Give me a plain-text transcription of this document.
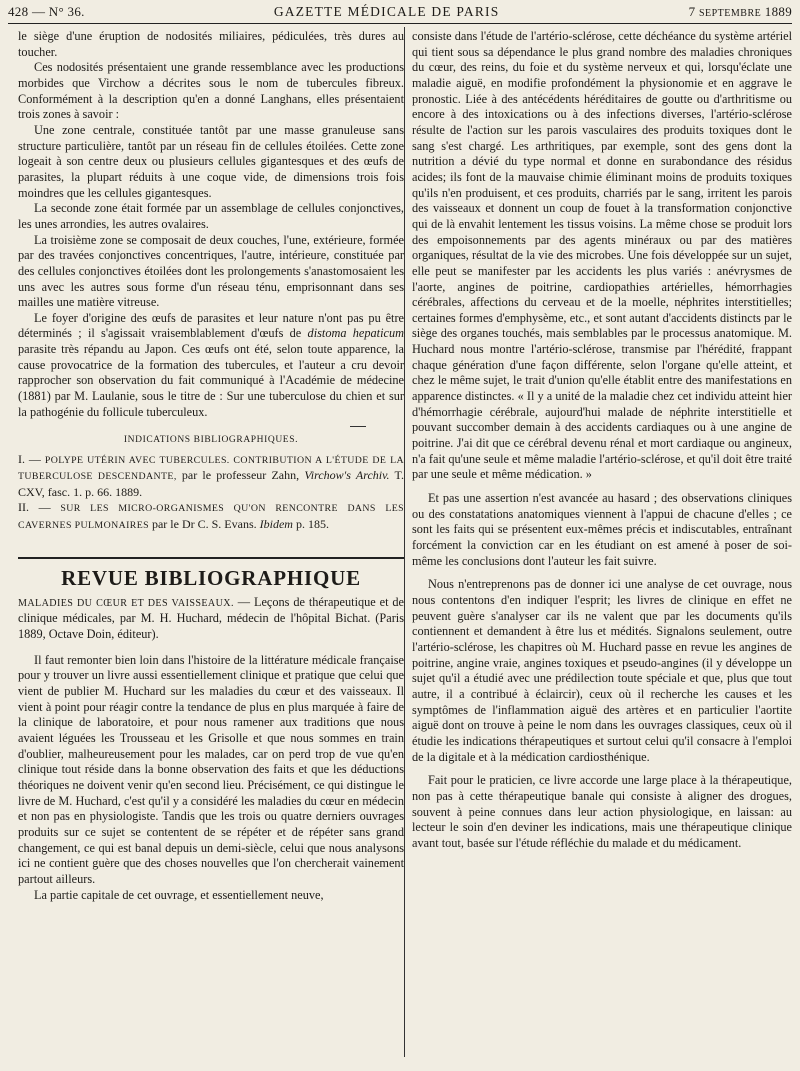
428 — N° 36.	GAZETTE MÉDICALE DE PARIS	7 SEPTEMBRE 1889

le siège d'une éruption de nodosités miliaires, pédiculées, très dures au toucher.

Ces nodosités présentaient une grande ressemblance avec les productions morbides que Virchow a décrites sous le nom de tubercules fibreux. Conformément à la description qu'en a donné Langhans, elles présentaient trois zones à savoir :

Une zone centrale, constituée tantôt par une masse granuleuse sans structure particulière, tantôt par un réseau fin de cellules étoilées. Cette zone logeait à son centre deux ou plusieurs cellules gigantesques et des œufs de parasites, la plupart réduits à une coque vide, de dimensions trois fois moindres que les cellules gigantesques.

La seconde zone était formée par un assemblage de cellules conjonctives, les unes arrondies, les autres ovalaires.

La troisième zone se composait de deux couches, l'une, extérieure, formée par des travées conjonctives concentriques, l'autre, intérieure, constituée par des cellules conjonctives étoilées dont les prolongements s'anastomosaient les uns avec les autres sous forme d'un réseau ténu, emprisonnant dans ses mailles une matière vitreuse.

Le foyer d'origine des œufs de parasites et leur nature n'ont pas pu être déterminés ; il s'agissait vraisemblablement d'œufs de distoma hepaticum parasite très répandu au Japon. Ces œufs ont été, selon toute apparence, la cause provocatrice de la formation des tubercules, et l'auteur a cru devoir rapprocher son observation du fait communiqué à l'Académie de médecine (1881) par M. Laulanie, sous le titre de : Sur une tuberculose du chien et sur la pathogénie du follicule tuberculeux.

INDICATIONS BIBLIOGRAPHIQUES.

I. — POLYPE UTÉRIN AVEC TUBERCULES. CONTRIBUTION A L'ÉTUDE DE LA TUBERCULOSE DESCENDANTE, par le professeur Zahn, Virchow's Archiv. T. CXV, fasc. 1. p. 66. 1889.

II. — SUR LES MICRO-ORGANISMES QU'ON RENCONTRE DANS LES CAVERNES PULMONAIRES par le Dr C. S. Evans. Ibidem p. 185.

REVUE BIBLIOGRAPHIQUE

MALADIES DU CŒUR ET DES VAISSEAUX. — Leçons de thérapeutique et de clinique médicales, par M. H. Huchard, médecin de l'hôpital Bichat. (Paris 1889, Octave Doin, éditeur).

Il faut remonter bien loin dans l'histoire de la littérature médicale française pour y trouver un livre aussi essentiellement clinique et pratique que celui que vient de publier M. Huchard sur les maladies du cœur et des vaisseaux. Il vient à point pour réagir contre la tendance de plus en plus marquée à faire de la clinique de laboratoire, et pour nous ramener aux traditions que nous avaient léguées les Trousseau et les Grisolle et que nous sommes en train d'oublier, malheureusement pour les malades, car on perd trop de vue qu'en clinique tout réside dans la bonne observation des faits et que les déductions théoriques ne doivent venir qu'en second lieu. Précisément, ce qui distingue le livre de M. Huchard, c'est qu'il y a considéré les maladies du cœur en médecin et non pas en physiologiste. Tandis que les trois ou quatre derniers ouvrages produits sur ce sujet se contentent de se répéter et de répéter sans grand changement, ce qui est banal depuis un demi-siècle, celui que nous analysons ici ne contient guère que des choses nouvelles que l'on chercherait vainement partout ailleurs.

La partie capitale de cet ouvrage, et essentiellement neuve,

consiste dans l'étude de l'artério-sclérose, cette déchéance du système artériel qui tient sous sa dépendance le plus grand nombre des maladies chroniques du cœur, des reins, du foie et du système nerveux et qui, lorsqu'éclate une maladie aiguë, en modifie profondément la physionomie et en aggrave le pronostic. Liée à des antécédents héréditaires de goutte ou d'arthritisme ou encore à des intoxications ou à des infections diverses, l'artério-sclérose résulte de l'action sur les parois vasculaires des produits toxiques dont le sang s'est chargé. Les arthritiques, par exemple, sont des gens dont la nutrition a dévié du type normal et donne en surabondance des résidus acides; ils font de la mauvaise chimie éliminant moins de produits toxiques qu'ils n'en produisent, et ces produits, charriés par le sang, irritent les parois des vaisseaux et donnent un coup de fouet à la transformation conjonctive qui de là envahit lentement les tissus voisins. La même chose se produit lors des empoisonnements par des agents minéraux ou par des matières organiques, résultat de la vie des microbes. Une fois développée sur un sujet, elle peut se manifester par les accidents les plus variés : anévrysmes de l'aorte, angines de poitrine, cardiopathies artérielles, hémorrhagies cérébrales, affections du cerveau et de la moelle, néphrites interstitielles; certaines formes d'emphysème, etc., et sont autant d'accidents distincts par le siège des organes touchés, mais semblables par le processus anatomique. M. Huchard nous montre l'artério-sclérose, transmise par l'hérédité, frappant chaque génération d'une façon différente, selon l'organe qu'elle atteint, et chez le même sujet, le trait d'union qu'elle établit entre des manifestations en apparence distinctes. « Il y a unité de la maladie chez cet individu atteint hier d'hémorrhagie cérébrale, aujourd'hui malade de néphrite interstitielle et pouvant succomber demain à des accidents cardiaques ou à une angine de poitrine. J'ai dit que ce cérébral devenu rénal et mort cardiaque ou angineux, n'a fait qu'une seule et même maladie l'artério-sclérose, et qu'il doit être traité par une seule et même médication. »

Et pas une assertion n'est avancée au hasard ; des observations cliniques ou des constatations anatomiques viennent à l'appui de chacune d'elles ; ce sont les faits qui se présentent eux-mêmes précis et indiscutables, entraînant forcément la conviction car en les étudiant on est amené à poser de soi-même les conclusions dont l'auteur les fait suivre.

Nous n'entreprenons pas de donner ici une analyse de cet ouvrage, nous nous contentons d'en indiquer l'esprit; les livres de clinique en effet ne peuvent guère s'analyser car ils ne valent que par les documents qu'ils contiennent et demandent à être lus et médités. Signalons seulement, outre l'artério-sclérose, les chapitres où M. Huchard passe en revue les angines de poitrine, angine vraie, angines toxiques et pseudo-angines (il y développe un sujet qu'il a étudié avec une prédilection toute spéciale et que, plus que tout autre, il a contribué à éclaircir), ceux où il recherche les causes et les symptômes de l'inflammation aiguë des artères et en particulier l'aortite aiguë dont on trouve à peine le nom dans les ouvrages classiques, ceux où il étudie les indications thérapeutiques et surtout celui qu'il consacre à l'emploi de la digitale et à la médication cardiosthénique.

Fait pour le praticien, ce livre accorde une large place à la thérapeutique, non pas à cette thérapeutique banale qui consiste à aligner des drogues, souvent à peine connues dans leur action physiologique, en laissan: au lecteur le soin d'en deviner les indications, mais une thérapeutique clinique avant tout, basée sur l'étude réfléchie du malade et du médicament.
